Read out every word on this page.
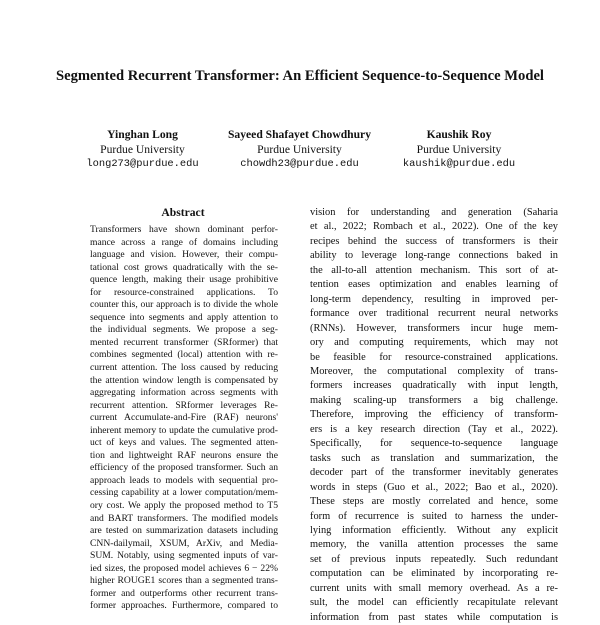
Segmented Recurrent Transformer: An Efficient Sequence-to-Sequence Model
Yinghan Long
Purdue University
long273@purdue.edu
Sayeed Shafayet Chowdhury
Purdue University
chowdh23@purdue.edu
Kaushik Roy
Purdue University
kaushik@purdue.edu
Abstract
Transformers have shown dominant perfor-
mance across a range of domains including
language and vision. However, their compu-
tational cost grows quadratically with the se-
quence length, making their usage prohibitive
for resource-constrained applications. To
counter this, our approach is to divide the whole
sequence into segments and apply attention to
the individual segments. We propose a seg-
mented recurrent transformer (SRformer) that
combines segmented (local) attention with re-
current attention. The loss caused by reducing
the attention window length is compensated by
aggregating information across segments with
recurrent attention. SRformer leverages Re-
current Accumulate-and-Fire (RAF) neurons'
inherent memory to update the cumulative prod-
uct of keys and values. The segmented atten-
tion and lightweight RAF neurons ensure the
efficiency of the proposed transformer. Such an
approach leads to models with sequential pro-
cessing capability at a lower computation/mem-
ory cost. We apply the proposed method to T5
and BART transformers. The modified models
are tested on summarization datasets including
CNN-dailymail, XSUM, ArXiv, and Media-
SUM. Notably, using segmented inputs of var-
ied sizes, the proposed model achieves 6 − 22%
higher ROUGE1 scores than a segmented trans-
former and outperforms other recurrent trans-
former approaches. Furthermore, compared to
vision for understanding and generation (Saharia
et al., 2022; Rombach et al., 2022). One of the key
recipes behind the success of transformers is their
ability to leverage long-range connections baked in
the all-to-all attention mechanism. This sort of at-
tention eases optimization and enables learning of
long-term dependency, resulting in improved per-
formance over traditional recurrent neural networks
(RNNs). However, transformers incur huge mem-
ory and computing requirements, which may not
be feasible for resource-constrained applications.
Moreover, the computational complexity of trans-
formers increases quadratically with input length,
making scaling-up transformers a big challenge.
Therefore, improving the efficiency of transform-
ers is a key research direction (Tay et al., 2022).
Specifically, for sequence-to-sequence language
tasks such as translation and summarization, the
decoder part of the transformer inevitably generates
words in steps (Guo et al., 2022; Bao et al., 2020).
These steps are mostly correlated and hence, some
form of recurrence is suited to harness the under-
lying information efficiently. Without any explicit
memory, the vanilla attention processes the same
set of previous inputs repeatedly. Such redundant
computation can be eliminated by incorporating re-
current units with small memory overhead. As a re-
sult, the model can efficiently recapitulate relevant
information from past states while computation is
